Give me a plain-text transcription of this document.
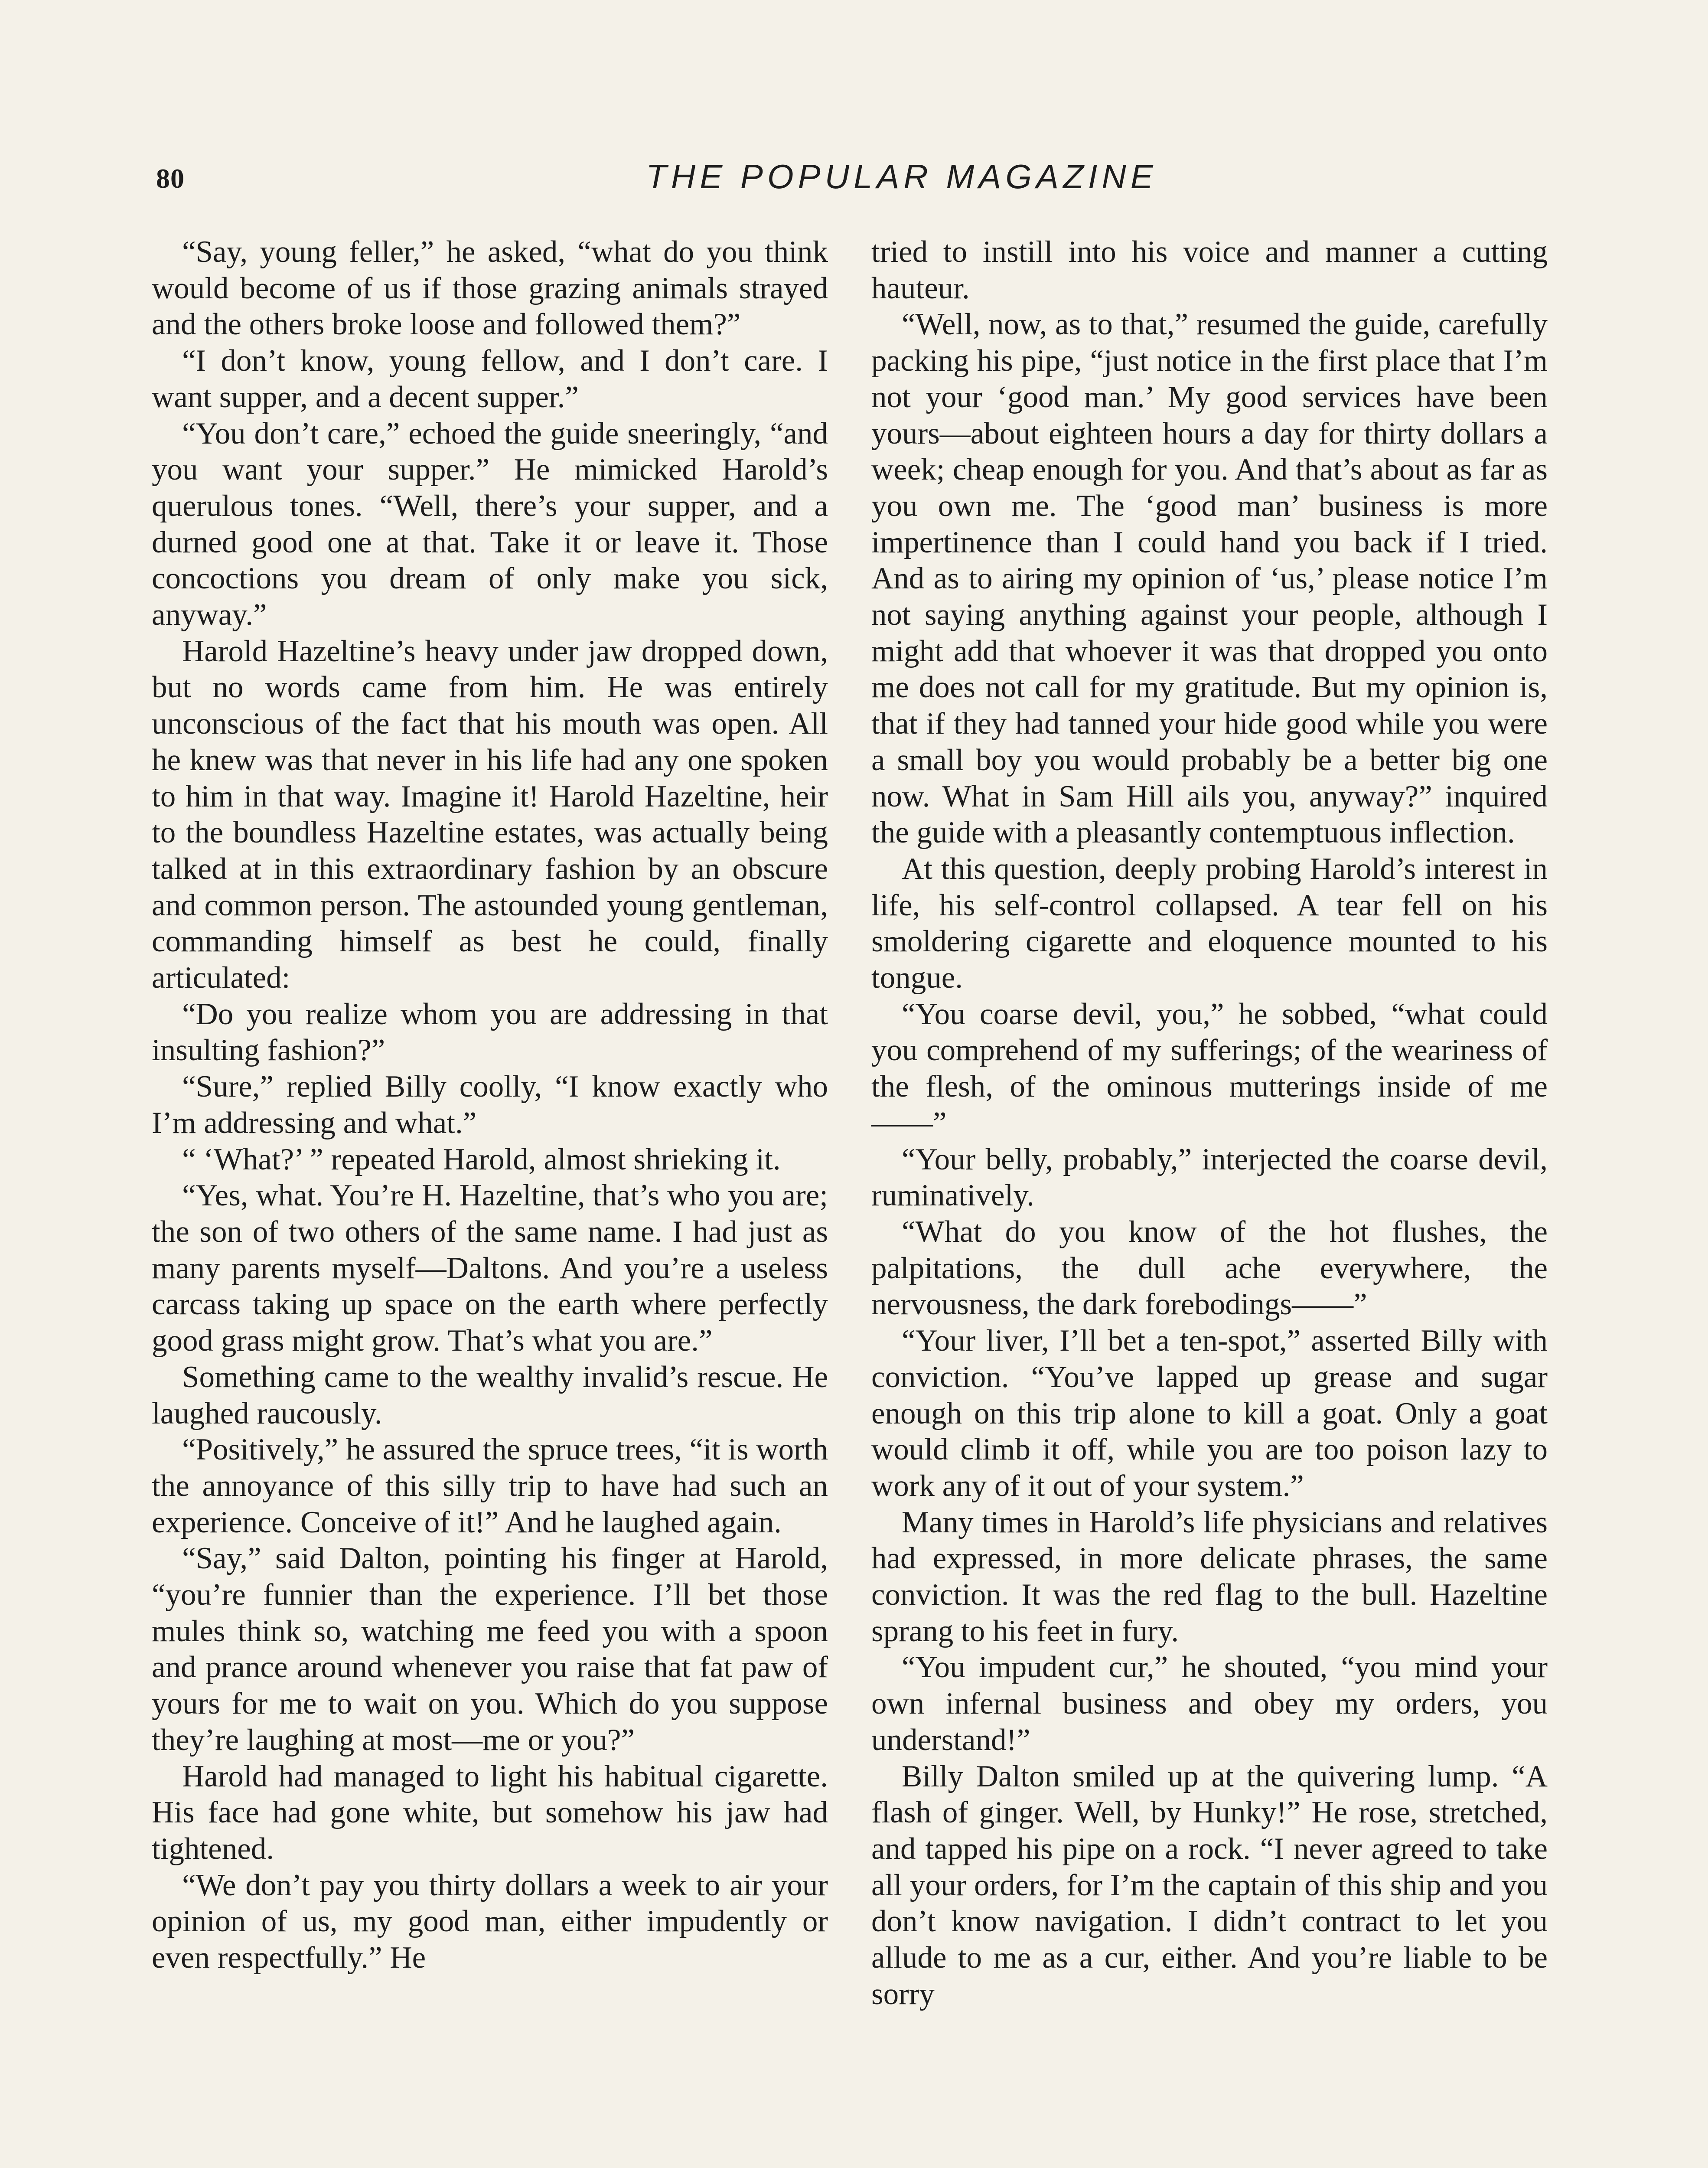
80	THE POPULAR MAGAZINE

“Say, young feller,” he asked, “what do you think would become of us if those grazing animals strayed and the others broke loose and followed them?”

“I don’t know, young fellow, and I don’t care. I want supper, and a decent supper.”

“You don’t care,” echoed the guide sneeringly, “and you want your supper.” He mimicked Harold’s querulous tones. “Well, there’s your supper, and a durned good one at that. Take it or leave it. Those concoctions you dream of only make you sick, anyway.”

Harold Hazeltine’s heavy under jaw dropped down, but no words came from him. He was entirely unconscious of the fact that his mouth was open. All he knew was that never in his life had any one spoken to him in that way. Imagine it! Harold Hazeltine, heir to the boundless Hazeltine estates, was actually being talked at in this extraordinary fashion by an obscure and common person. The astounded young gentleman, commanding himself as best he could, finally articulated:

“Do you realize whom you are addressing in that insulting fashion?”

“Sure,” replied Billy coolly, “I know exactly who I’m addressing and what.”

“ ‘What?’ ” repeated Harold, almost shrieking it.

“Yes, what. You’re H. Hazeltine, that’s who you are; the son of two others of the same name. I had just as many parents myself—Daltons. And you’re a useless carcass taking up space on the earth where perfectly good grass might grow. That’s what you are.”

Something came to the wealthy invalid’s rescue. He laughed raucously.

“Positively,” he assured the spruce trees, “it is worth the annoyance of this silly trip to have had such an experience. Conceive of it!” And he laughed again.

“Say,” said Dalton, pointing his finger at Harold, “you’re funnier than the experience. I’ll bet those mules think so, watching me feed you with a spoon and prance around whenever you raise that fat paw of yours for me to wait on you. Which do you suppose they’re laughing at most—me or you?”

Harold had managed to light his habitual cigarette. His face had gone white, but somehow his jaw had tightened.

“We don’t pay you thirty dollars a week to air your opinion of us, my good man, either impudently or even respectfully.” He

tried to instill into his voice and manner a cutting hauteur.

“Well, now, as to that,” resumed the guide, carefully packing his pipe, “just notice in the first place that I’m not your ‘good man.’ My good services have been yours—about eighteen hours a day for thirty dollars a week; cheap enough for you. And that’s about as far as you own me. The ‘good man’ business is more impertinence than I could hand you back if I tried. And as to airing my opinion of ‘us,’ please notice I’m not saying anything against your people, although I might add that whoever it was that dropped you onto me does not call for my gratitude. But my opinion is, that if they had tanned your hide good while you were a small boy you would probably be a better big one now. What in Sam Hill ails you, anyway?” inquired the guide with a pleasantly contemptuous inflection.

At this question, deeply probing Harold’s interest in life, his self-control collapsed. A tear fell on his smoldering cigarette and eloquence mounted to his tongue.

“You coarse devil, you,” he sobbed, “what could you comprehend of my sufferings; of the weariness of the flesh, of the ominous mutterings inside of me——”

“Your belly, probably,” interjected the coarse devil, ruminatively.

“What do you know of the hot flushes, the palpitations, the dull ache everywhere, the nervousness, the dark forebodings——”

“Your liver, I’ll bet a ten-spot,” asserted Billy with conviction. “You’ve lapped up grease and sugar enough on this trip alone to kill a goat. Only a goat would climb it off, while you are too poison lazy to work any of it out of your system.”

Many times in Harold’s life physicians and relatives had expressed, in more delicate phrases, the same conviction. It was the red flag to the bull. Hazeltine sprang to his feet in fury.

“You impudent cur,” he shouted, “you mind your own infernal business and obey my orders, you understand!”

Billy Dalton smiled up at the quivering lump. “A flash of ginger. Well, by Hunky!” He rose, stretched, and tapped his pipe on a rock. “I never agreed to take all your orders, for I’m the captain of this ship and you don’t know navigation. I didn’t contract to let you allude to me as a cur, either. And you’re liable to be sorry
